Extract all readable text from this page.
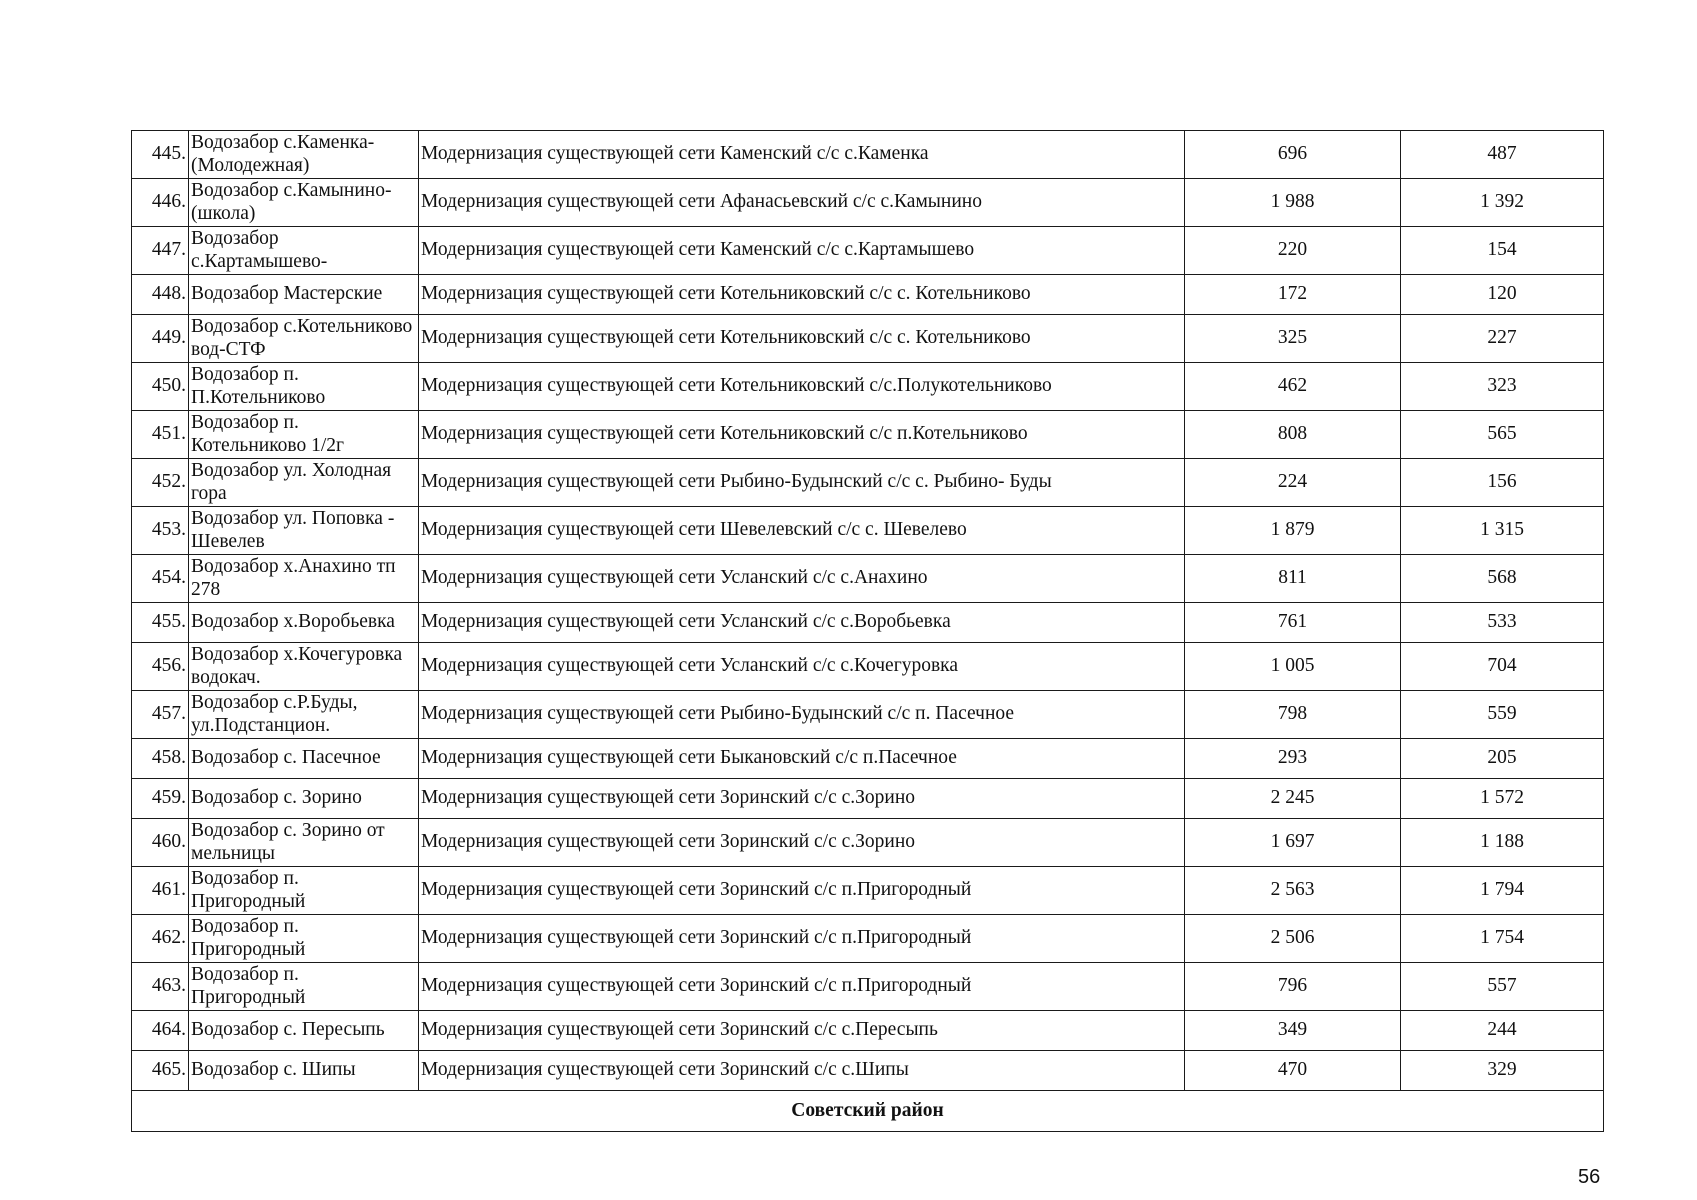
445.	Водозабор с.Каменка-(Молодежная)	Модернизация существующей сети Каменский с/с с.Каменка	696	487
446.	Водозабор с.Камынино-(школа)	Модернизация существующей сети Афанасьевский с/с с.Камынино	1 988	1 392
447.	Водозабор с.Картамышево-	Модернизация существующей сети Каменский с/с с.Картамышево	220	154
448.	Водозабор Мастерские	Модернизация существующей сети Котельниковский с/с с. Котельниково	172	120
449.	Водозабор с.Котельниково вод-СТФ	Модернизация существующей сети Котельниковский с/с с. Котельниково	325	227
450.	Водозабор п. П.Котельниково	Модернизация существующей сети Котельниковский с/с.Полукотельниково	462	323
451.	Водозабор п. Котельниково 1/2г	Модернизация существующей сети Котельниковский с/с п.Котельниково	808	565
452.	Водозабор ул. Холодная гора	Модернизация существующей сети Рыбино-Будынский с/с с. Рыбино- Буды	224	156
453.	Водозабор ул. Поповка - Шевелев	Модернизация существующей сети Шевелевский с/с с. Шевелево	1 879	1 315
454.	Водозабор х.Анахино тп 278	Модернизация существующей сети Усланский с/с с.Анахино	811	568
455.	Водозабор х.Воробьевка	Модернизация существующей сети Усланский с/с с.Воробьевка	761	533
456.	Водозабор х.Кочегуровка водокач.	Модернизация существующей сети Усланский с/с с.Кочегуровка	1 005	704
457.	Водозабор с.Р.Буды, ул.Подстанцион.	Модернизация существующей сети Рыбино-Будынский с/с п. Пасечное	798	559
458.	Водозабор с. Пасечное	Модернизация существующей сети Быкановский с/с п.Пасечное	293	205
459.	Водозабор с. Зорино	Модернизация существующей сети Зоринский с/с с.Зорино	2 245	1 572
460.	Водозабор с. Зорино от мельницы	Модернизация существующей сети Зоринский с/с с.Зорино	1 697	1 188
461.	Водозабор п. Пригородный	Модернизация существующей сети Зоринский с/с п.Пригородный	2 563	1 794
462.	Водозабор п. Пригородный	Модернизация существующей сети Зоринский с/с п.Пригородный	2 506	1 754
463.	Водозабор п. Пригородный	Модернизация существующей сети Зоринский с/с п.Пригородный	796	557
464.	Водозабор с. Пересыпь	Модернизация существующей сети Зоринский с/с с.Пересыпь	349	244
465.	Водозабор с. Шипы	Модернизация существующей сети Зоринский с/с с.Шипы	470	329
Советский район				
56
